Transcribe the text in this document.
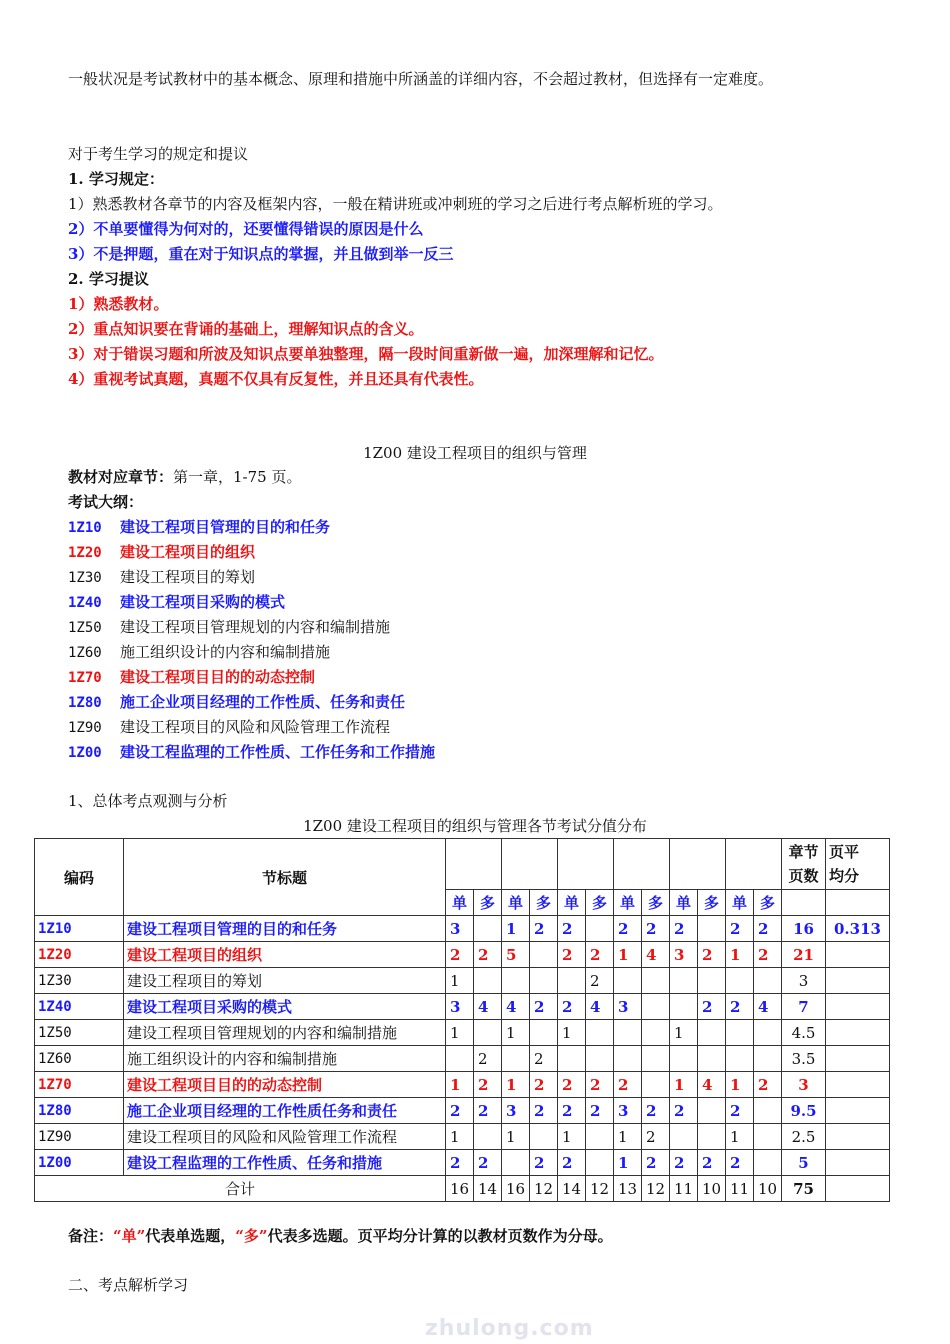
一般状况是考试教材中的基本概念、原理和措施中所涵盖的详细内容，不会超过教材，但选择有一定难度。
对于考生学习的规定和提议
1. 学习规定：
1）熟悉教材各章节的内容及框架内容，一般在精讲班或冲刺班的学习之后进行考点解析班的学习。
2）不单要懂得为何对的，还要懂得错误的原因是什么
3）不是押题，重在对于知识点的掌握，并且做到举一反三
2. 学习提议
1）熟悉教材。
2）重点知识要在背诵的基础上，理解知识点的含义。
3）对于错误习题和所波及知识点要单独整理，隔一段时间重新做一遍，加深理解和记忆。
4）重视考试真题，真题不仅具有反复性，并且还具有代表性。
1Z00 建设工程项目的组织与管理
教材对应章节：第一章，1-75 页。
考试大纲：
1Z10 建设工程项目管理的目的和任务
1Z20 建设工程项目的组织
1Z30 建设工程项目的筹划
1Z40 建设工程项目采购的模式
1Z50 建设工程项目管理规划的内容和编制措施
1Z60 施工组织设计的内容和编制措施
1Z70 建设工程项目目的的动态控制
1Z80 施工企业项目经理的工作性质、任务和责任
1Z90 建设工程项目的风险和风险管理工作流程
1Z00 建设工程监理的工作性质、工作任务和工作措施
1、总体考点观测与分析
1Z00 建设工程项目的组织与管理各节考试分值分布
编码	节标题													章节页数	页平均分

		单	多	单	多	单	多	单	多	单	多	单	多		
1Z10	建设工程项目管理的目的和任务	3		1	2	2		2	2	2		2	2	16	0.313
1Z20	建设工程项目的组织	2	2	5		2	2	1	4	3	2	1	2	21	
1Z30	建设工程项目的筹划	1					2							3	
1Z40	建设工程项目采购的模式	3	4	4	2	2	4	3			2	2	4	7	
1Z50	建设工程项目管理规划的内容和编制措施	1		1		1				1				4.5	
1Z60	施工组织设计的内容和编制措施		2		2									3.5	
1Z70	建设工程项目目的的动态控制	1	2	1	2	2	2	2		1	4	1	2	3	
1Z80	施工企业项目经理的工作性质任务和责任	2	2	3	2	2	2	3	2	2		2		9.5	
1Z90	建设工程项目的风险和风险管理工作流程	1		1		1		1	2			1		2.5	
1Z00	建设工程监理的工作性质、任务和措施	2	2		2	2		1	2	2	2	2		5	
合计		16	14	16	12	14	12	13	12	11	10	11	10	75	
备注：“单”代表单选题，“多”代表多选题。页平均分计算的以教材页数作为分母。
二、考点解析学习
zhulong.com
